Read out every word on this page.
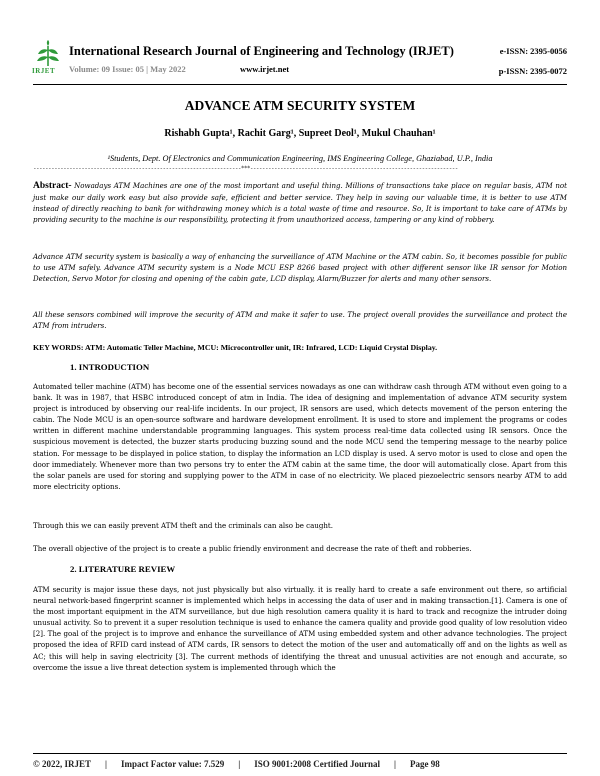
IRJET
International Research Journal of Engineering and Technology (IRJET)
Volume: 09 Issue: 05 | May 2022	www.irjet.net
e-ISSN: 2395-0056
p-ISSN: 2395-0072
ADVANCE ATM SECURITY SYSTEM
Rishabh Gupta¹, Rachit Garg¹, Supreet Deol¹, Mukul Chauhan¹
¹Students, Dept. Of Electronics and Communication Engineering, IMS Engineering College, Ghaziabad, U.P., India
---------------------------------------------------------------------***---------------------------------------------------------------------
Abstract- Nowadays ATM Machines are one of the most important and useful thing. Millions of transactions take place on regular basis, ATM not just make our daily work easy but also provide safe, efficient and better service. They help in saving our valuable time, it is better to use ATM instead of directly reaching to bank for withdrawing money which is a total waste of time and resource. So, It is important to take care of ATMs by providing security to the machine is our responsibility, protecting it from unauthorized access, tampering or any kind of robbery.
Advance ATM security system is basically a way of enhancing the surveillance of ATM Machine or the ATM cabin. So, it becomes possible for public to use ATM safely. Advance ATM security system is a Node MCU ESP 8266 based project with other different sensor like IR sensor for Motion Detection, Servo Motor for closing and opening of the cabin gate, LCD display, Alarm/Buzzer for alerts and many other sensors.
All these sensors combined will improve the security of ATM and make it safer to use. The project overall provides the surveillance and protect the ATM from intruders.
KEY WORDS: ATM: Automatic Teller Machine, MCU: Microcontroller unit, IR: Infrared, LCD: Liquid Crystal Display.
1. INTRODUCTION
Automated teller machine (ATM) has become one of the essential services nowadays as one can withdraw cash through ATM without even going to a bank. It was in 1987, that HSBC introduced concept of atm in India. The idea of designing and implementation of advance ATM security system project is introduced by observing our real-life incidents. In our project, IR sensors are used, which detects movement of the person entering the cabin. The Node MCU is an open-source software and hardware development enrollment. It is used to store and implement the programs or codes written in different machine understandable programming languages. This system process real-time data collected using IR sensors. Once the suspicious movement is detected, the buzzer starts producing buzzing sound and the node MCU send the tempering message to the nearby police station. For message to be displayed in police station, to display the information an LCD display is used. A servo motor is used to close and open the door immediately. Whenever more than two persons try to enter the ATM cabin at the same time, the door will automatically close. Apart from this the solar panels are used for storing and supplying power to the ATM in case of no electricity. We placed piezoelectric sensors nearby ATM to add more electricity options.
Through this we can easily prevent ATM theft and the criminals can also be caught.
The overall objective of the project is to create a public friendly environment and decrease the rate of theft and robberies.
2. LITERATURE REVIEW
ATM security is major issue these days, not just physically but also virtually. it is really hard to create a safe environment out there, so artificial neural network-based fingerprint scanner is implemented which helps in accessing the data of user and in making transaction.[1]. Camera is one of the most important equipment in the ATM surveillance, but due high resolution camera quality it is hard to track and recognize the intruder doing unusual activity. So to prevent it a super resolution technique is used to enhance the camera quality and provide good quality of low resolution video [2]. The goal of the project is to improve and enhance the surveillance of ATM using embedded system and other advance technologies. The project proposed the idea of RFID card instead of ATM cards, IR sensors to detect the motion of the user and automatically off and on the lights as well as AC; this will help in saving electricity [3]. The current methods of identifying the threat and unusual activities are not enough and accurate, so overcome the issue a live threat detection system is implemented through which the
© 2022, IRJET | Impact Factor value: 7.529 | ISO 9001:2008 Certified Journal | Page 98
